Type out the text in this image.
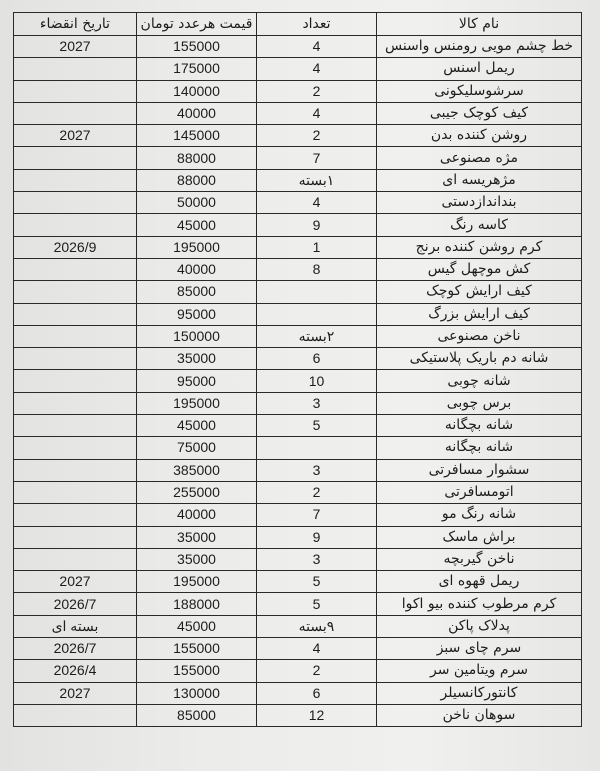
نام کالا	تعداد	قیمت هرعدد تومان	تاریخ انقضاء
خط چشم مویی رومنس واسنس	4	155000	2027
ریمل اسنس	4	175000	
سرشوسلیکونی	2	140000	
کیف کوچک جیبی	4	40000	
روشن کننده بدن	2	145000	2027
مژه مصنوعی	7	88000	
مژهریسه ای	۱بسته	88000	
بنداندازدستی	4	50000	
کاسه رنگ	9	45000	
کرم روشن کننده برنج	1	195000	2026/9
کش موچهل گیس	8	40000	
کیف ارایش کوچک		85000	
کیف ارایش بزرگ		95000	
ناخن مصنوعی	۲بسته	150000	
شانه دم باریک پلاستیکی	6	35000	
شانه چوبی	10	95000	
برس چوبی	3	195000	
شانه بچگانه	5	45000	
شانه بچگانه		75000	
سشوار مسافرتی	3	385000	
اتومسافرتی	2	255000	
شانه رنگ مو	7	40000	
براش ماسک	9	35000	
ناخن گیربچه	3	35000	
ریمل قهوه ای	5	195000	2027
کرم مرطوب کننده بیو اکوا	5	188000	2026/7
پدلاک پاکن	۹بسته	45000	بسته ای
سرم چای سبز	4	155000	2026/7
سرم ویتامین سر	2	155000	2026/4
کانتورکانسیلر	6	130000	2027
سوهان ناخن	12	85000	
